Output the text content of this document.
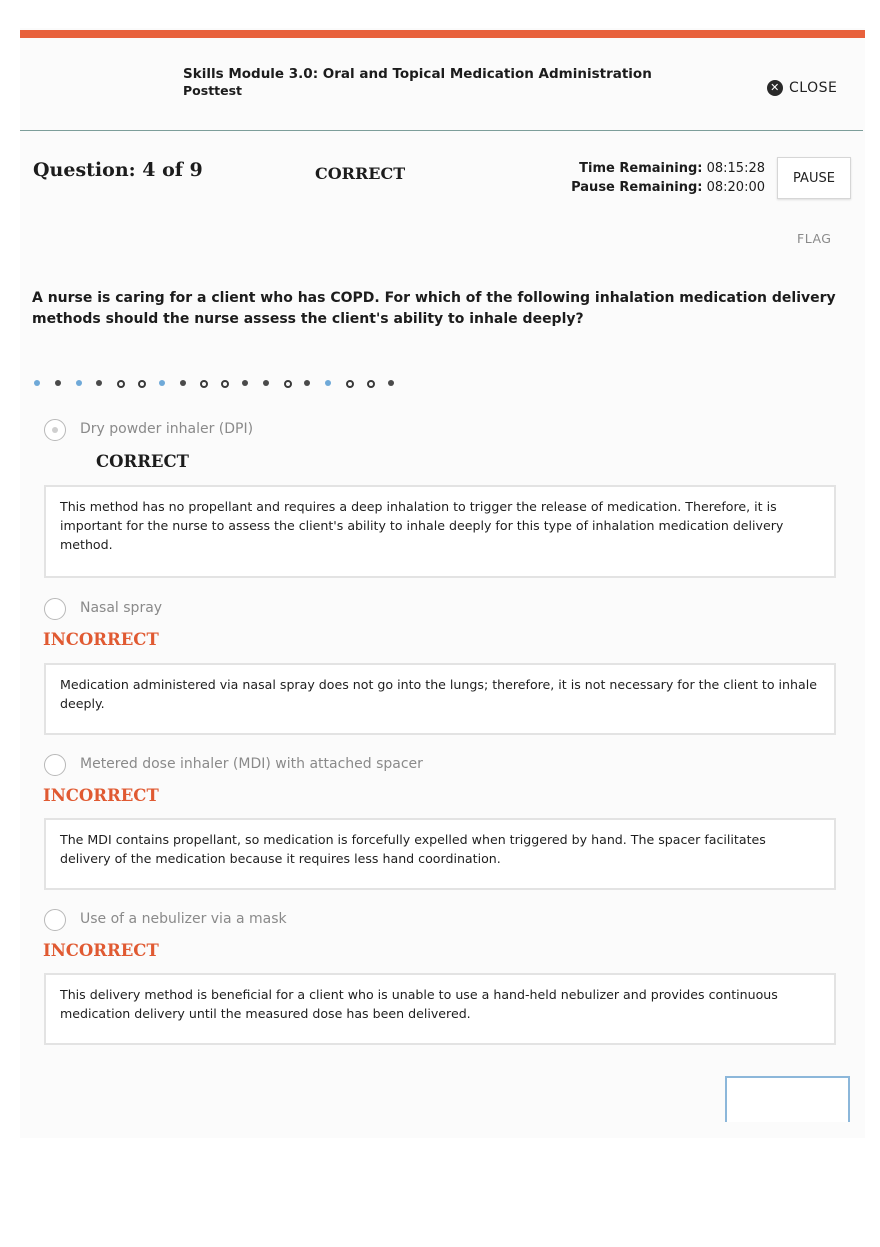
Skills Module 3.0: Oral and Topical Medication Administration
Posttest	✕ CLOSE
Question: 4 of 9	CORRECT	Time Remaining: 08:15:28
Pause Remaining: 08:20:00
PAUSE
FLAG
A nurse is caring for a client who has COPD. For which of the following inhalation medication delivery methods should the nurse assess the client's ability to inhale deeply?
Dry powder inhaler (DPI)
CORRECT
This method has no propellant and requires a deep inhalation to trigger the release of medication. Therefore, it is important for the nurse to assess the client's ability to inhale deeply for this type of inhalation medication delivery method.
Nasal spray
INCORRECT
Medication administered via nasal spray does not go into the lungs; therefore, it is not necessary for the client to inhale deeply.
Metered dose inhaler (MDI) with attached spacer
INCORRECT
The MDI contains propellant, so medication is forcefully expelled when triggered by hand. The spacer facilitates delivery of the medication because it requires less hand coordination.
Use of a nebulizer via a mask
INCORRECT
This delivery method is beneficial for a client who is unable to use a hand-held nebulizer and provides continuous medication delivery until the measured dose has been delivered.
